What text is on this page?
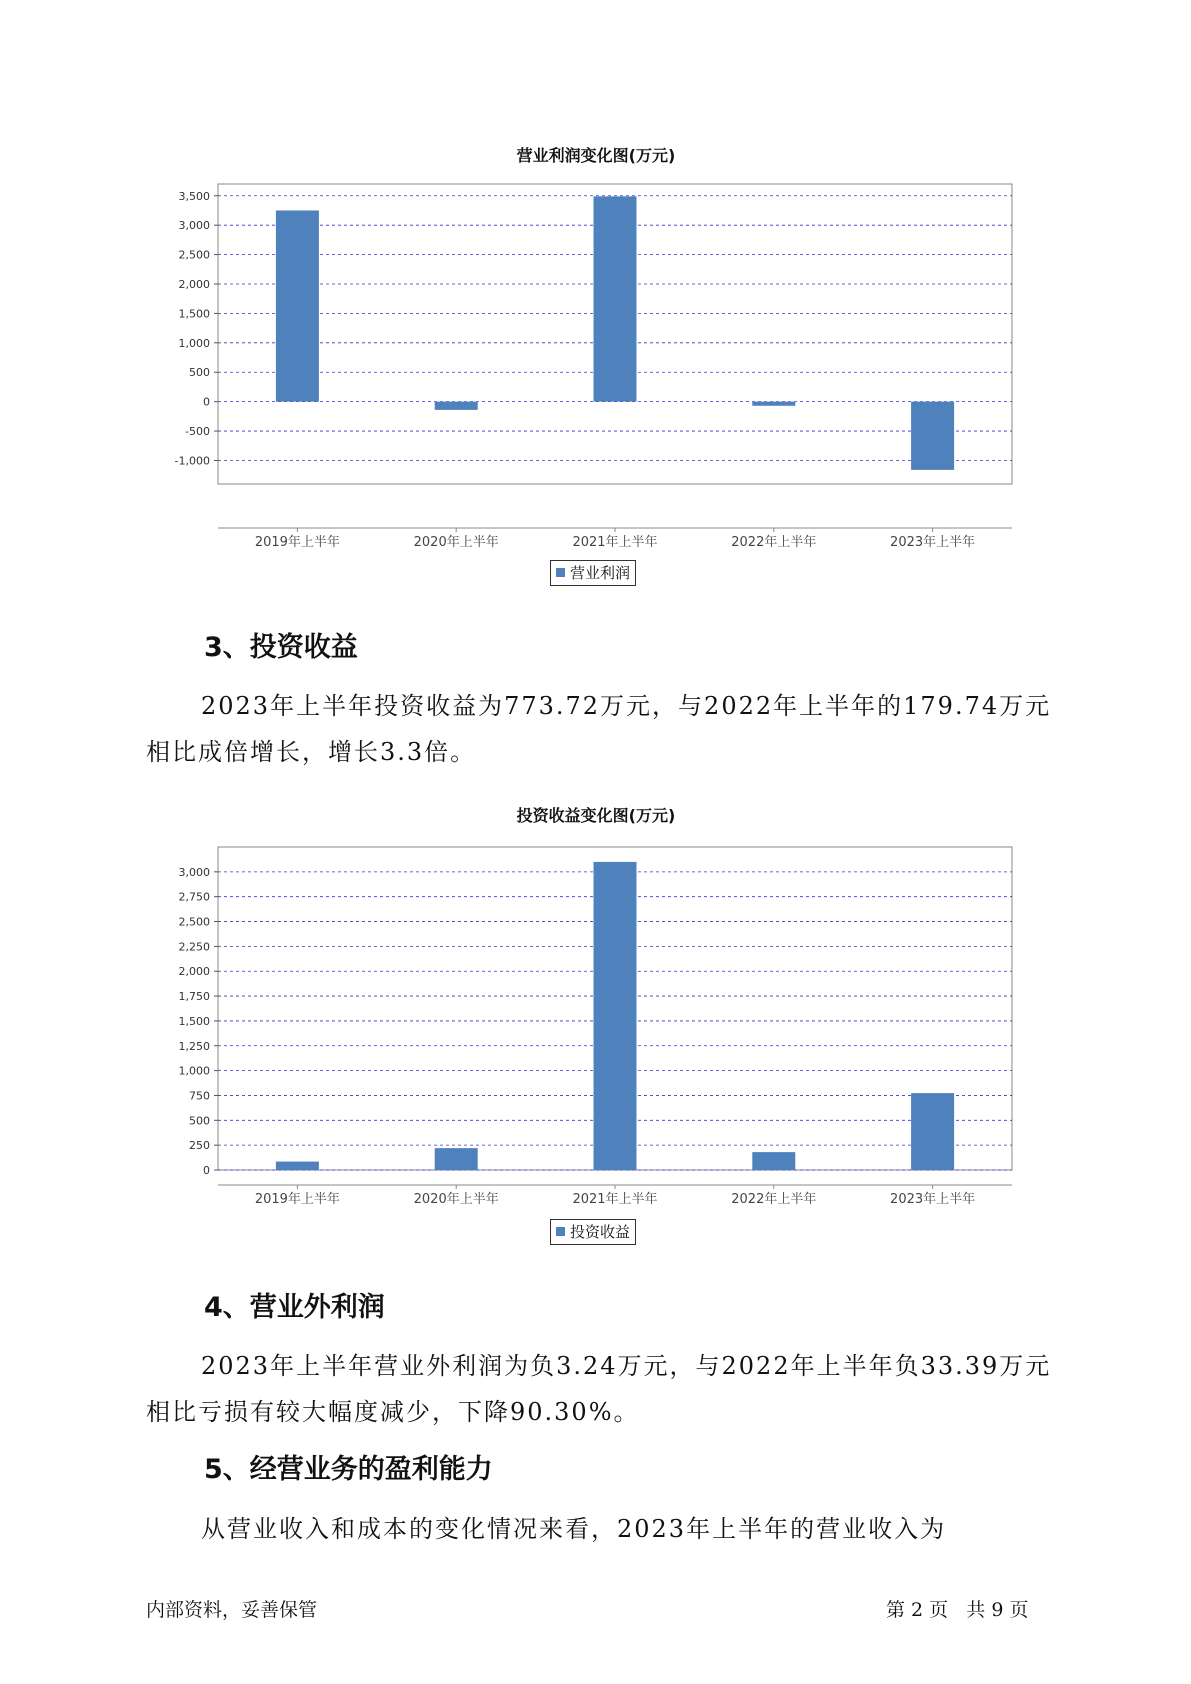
营业利润变化图(万元)
3,500
3,000
2,500
2,000
1,500
1,000
500
0
-500
-1,000
2019年上半年	2020年上半年	2021年上半年	2022年上半年	2023年上半年
营业利润
3、投资收益

2023年上半年投资收益为773.72万元，与2022年上半年的179.74万元

相比成倍增长，增长3.3倍。

投资收益变化图(万元)
3,000
2,750
2,500
2,250
2,000
1,750
1,500
1,250
1,000
750
500
250
0
2019年上半年	2020年上半年	2021年上半年	2022年上半年	2023年上半年
投资收益
4、营业外利润

2023年上半年营业外利润为负3.24万元，与2022年上半年负33.39万元

相比亏损有较大幅度减少，下降90.30%。

5、经营业务的盈利能力

从营业收入和成本的变化情况来看，2023年上半年的营业收入为

内部资料，妥善保管	第 2 页   共 9 页
